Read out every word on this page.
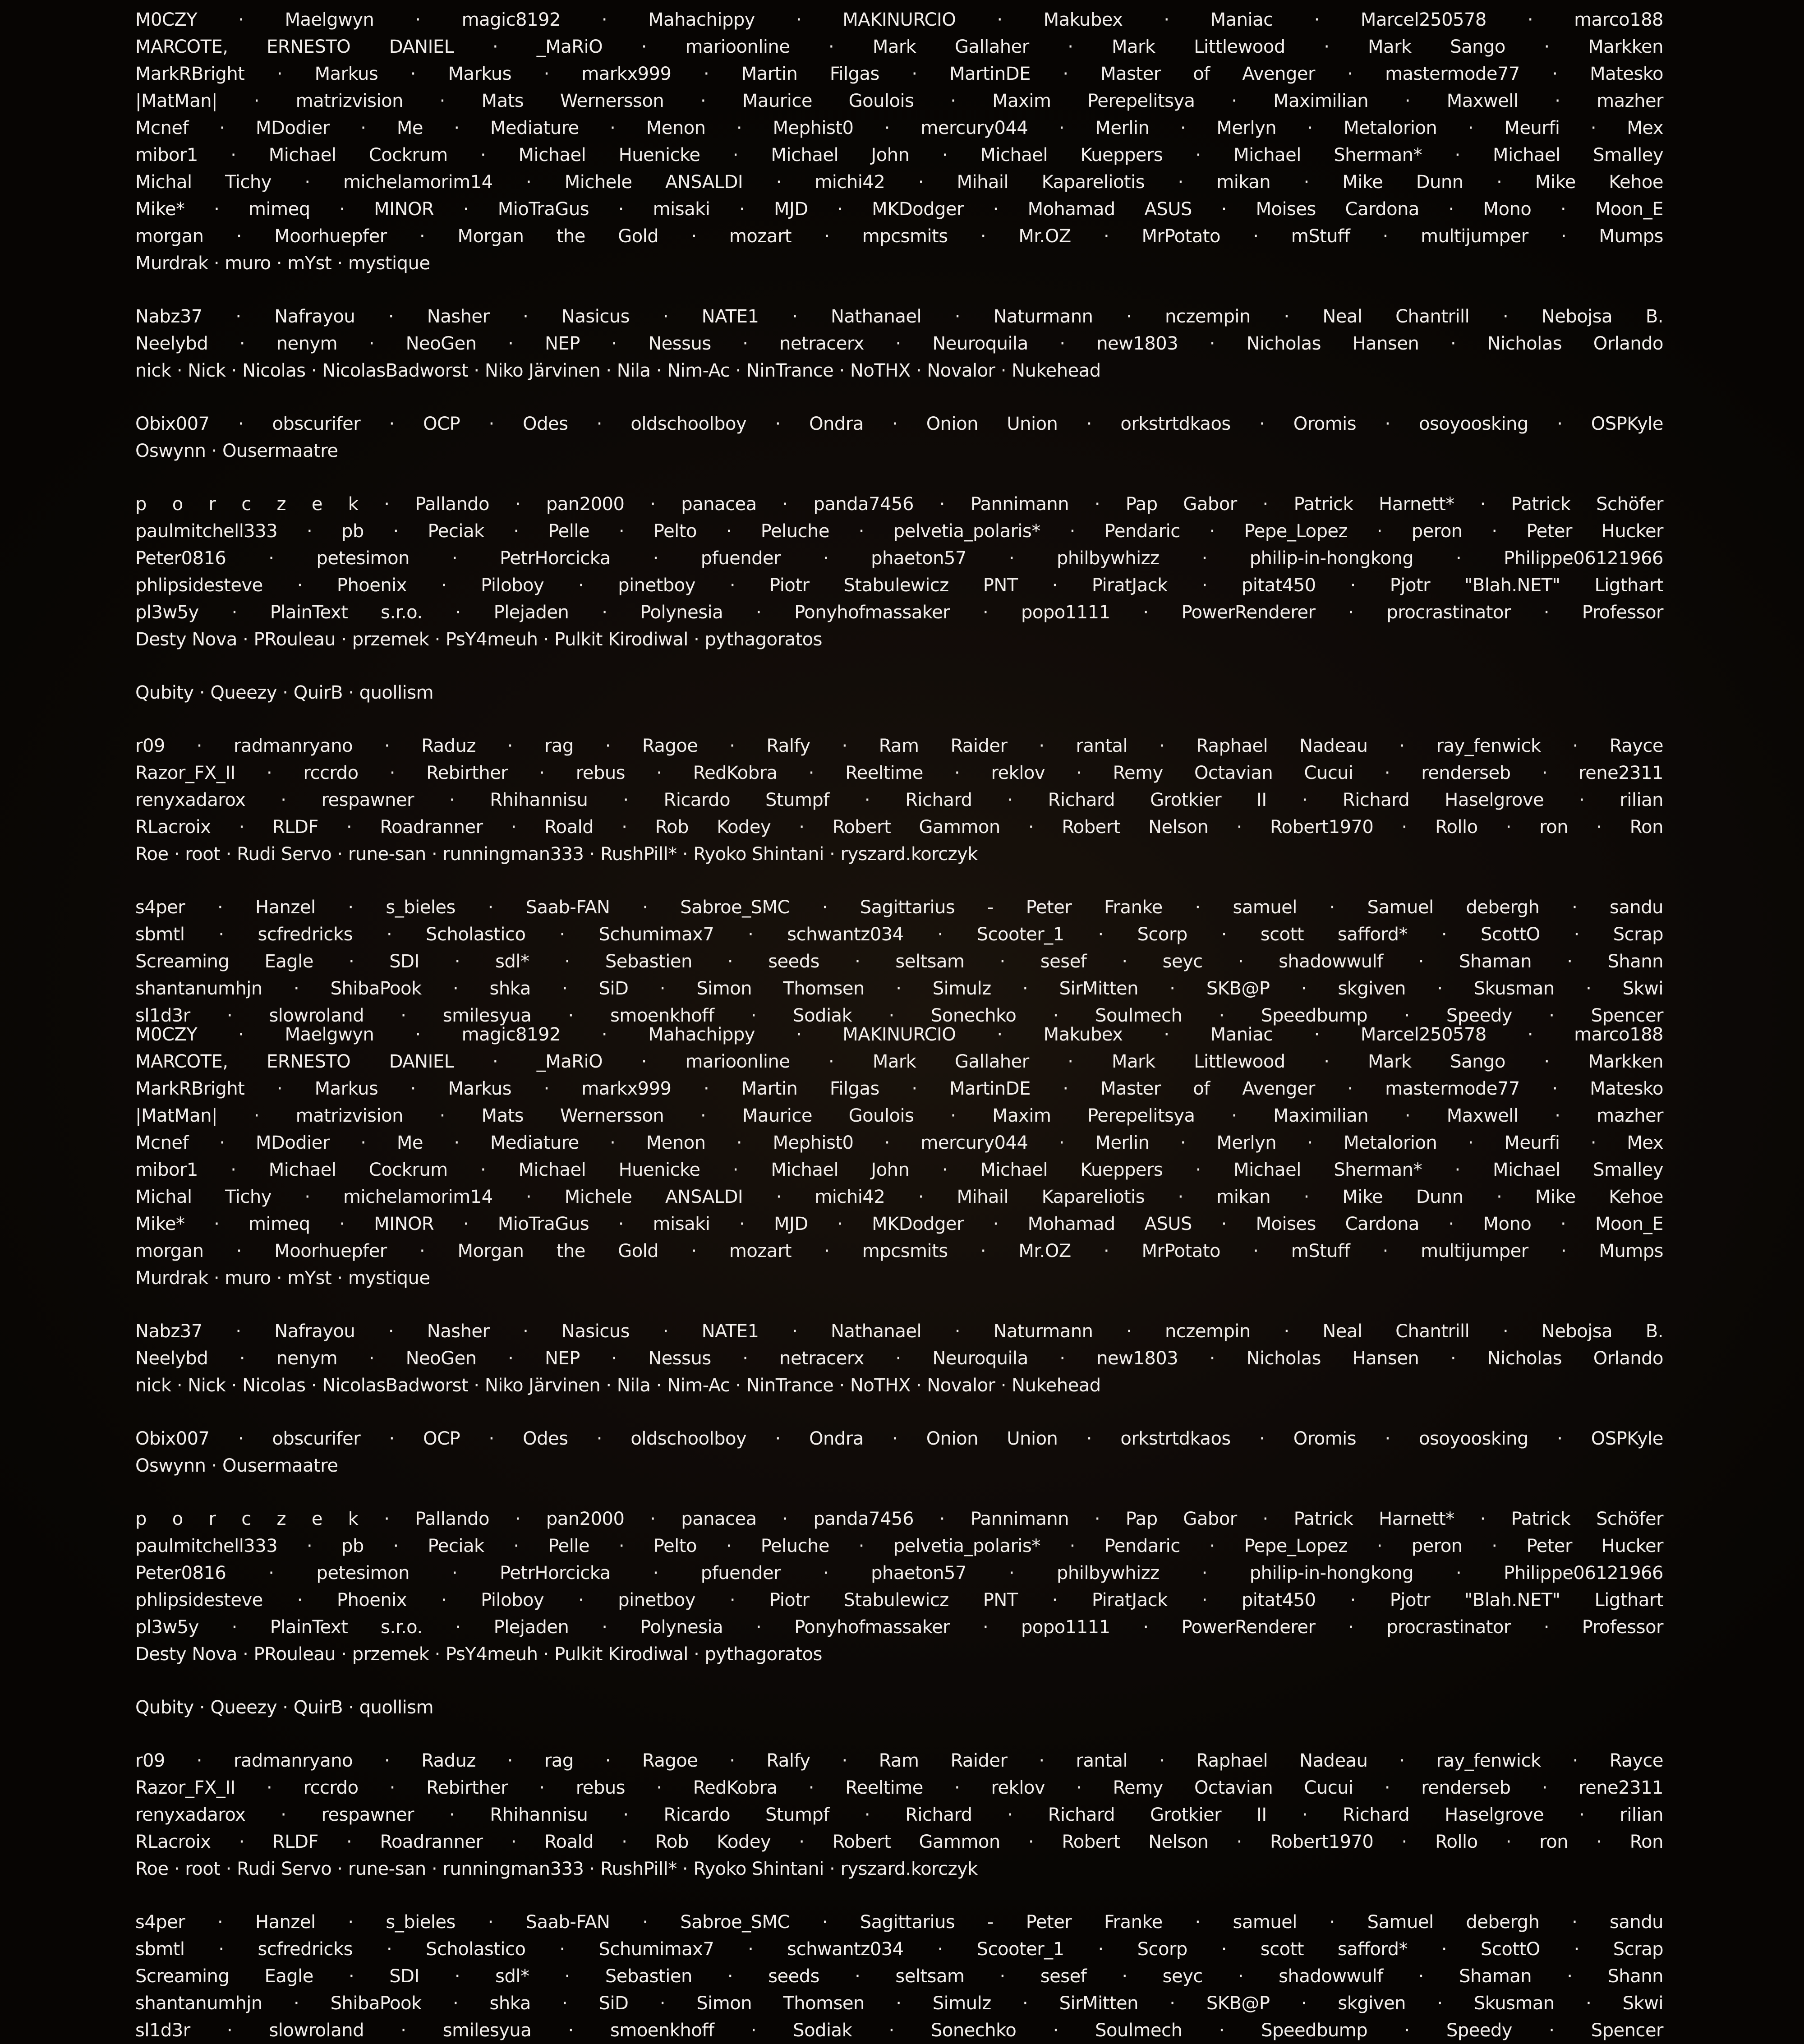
M0CZY · Maelgwyn · magic8192 · Mahachippy · MAKINURCIO · Makubex · Maniac · Marcel250578 · marco188
MARCOTE, ERNESTO DANIEL · _MaRiO · marioonline · Mark Gallaher · Mark Littlewood · Mark Sango · Markken
MarkRBright · Markus · Markus · markx999 · Martin Filgas · MartinDE · Master of Avenger · mastermode77 · Matesko
|MatMan| · matrizvision · Mats Wernersson · Maurice Goulois · Maxim Perepelitsya · Maximilian · Maxwell · mazher
Mcnef · MDodier · Me · Mediature · Menon · Mephist0 · mercury044 · Merlin · Merlyn · Metalorion · Meurfi · Mex
mibor1 · Michael Cockrum · Michael Huenicke · Michael John · Michael Kueppers · Michael Sherman* · Michael Smalley
Michal Tichy · michelamorim14 · Michele ANSALDI · michi42 · Mihail Kapareliotis · mikan · Mike Dunn · Mike Kehoe
Mike* · mimeq · MINOR · MioTraGus · misaki · MJD · MKDodger · Mohamad ASUS · Moises Cardona · Mono · Moon_E
morgan · Moorhuepfer · Morgan the Gold · mozart · mpcsmits · Mr.OZ · MrPotato · mStuff · multijumper · Mumps
Murdrak · muro · mYst · mystique
Nabz37 · Nafrayou · Nasher · Nasicus · NATE1 · Nathanael · Naturmann · nczempin · Neal Chantrill · Nebojsa B.
Neelybd · nenym · NeoGen · NEP · Nessus · netracerx · Neuroquila · new1803 · Nicholas Hansen · Nicholas Orlando
nick · Nick · Nicolas · NicolasBadworst · Niko Järvinen · Nila · Nim-Ac · NinTrance · NoTHX · Novalor · Nukehead
Obix007 · obscurifer · OCP · Odes · oldschoolboy · Ondra · Onion Union · orkstrtdkaos · Oromis · osoyoosking · OSPKyle
Oswynn · Ousermaatre
p o r c z e k · Pallando · pan2000 · panacea · panda7456 · Pannimann · Pap Gabor · Patrick Harnett* · Patrick Schöfer
paulmitchell333 · pb · Peciak · Pelle · Pelto · Peluche · pelvetia_polaris* · Pendaric · Pepe_Lopez · peron · Peter Hucker
Peter0816 · petesimon · PetrHorcicka · pfuender · phaeton57 · philbywhizz · philip-in-hongkong · Philippe06121966
phlipsidesteve · Phoenix · Piloboy · pinetboy · Piotr Stabulewicz PNT · PiratJack · pitat450 · Pjotr "Blah.NET" Ligthart
pl3w5y · PlainText s.r.o. · Plejaden · Polynesia · Ponyhofmassaker · popo1111 · PowerRenderer · procrastinator · Professor
Desty Nova · PRouleau · przemek · PsY4meuh · Pulkit Kirodiwal · pythagoratos
Qubity · Queezy · QuirB · quollism
r09 · radmanryano · Raduz · rag · Ragoe · Ralfy · Ram Raider · rantal · Raphael Nadeau · ray_fenwick · Rayce
Razor_FX_II · rccrdo · Rebirther · rebus · RedKobra · Reeltime · reklov · Remy Octavian Cucui · renderseb · rene2311
renyxadarox · respawner · Rhihannisu · Ricardo Stumpf · Richard · Richard Grotkier II · Richard Haselgrove · rilian
RLacroix · RLDF · Roadranner · Roald · Rob Kodey · Robert Gammon · Robert Nelson · Robert1970 · Rollo · ron · Ron
Roe · root · Rudi Servo · rune-san · runningman333 · RushPill* · Ryoko Shintani · ryszard.korczyk
s4per · Hanzel · s_bieles · Saab-FAN · Sabroe_SMC · Sagittarius - Peter Franke · samuel · Samuel debergh · sandu
sbmtl · scfredricks · Scholastico · Schumimax7 · schwantz034 · Scooter_1 · Scorp · scott safford* · ScottO · Scrap
Screaming Eagle · SDI · sdl* · Sebastien · seeds · seltsam · sesef · seyc · shadowwulf · Shaman · Shann
shantanumhjn · ShibaPook · shka · SiD · Simon Thomsen · Simulz · SirMitten · SKB@P · skgiven · Skusman · Skwi
sl1d3r · slowroland · smilesyua · smoenkhoff · Sodiak · Sonechko · Soulmech · Speedbump · Speedy · Spencer
M0CZY · Maelgwyn · magic8192 · Mahachippy · MAKINURCIO · Makubex · Maniac · Marcel250578 · marco188
MARCOTE, ERNESTO DANIEL · _MaRiO · marioonline · Mark Gallaher · Mark Littlewood · Mark Sango · Markken
MarkRBright · Markus · Markus · markx999 · Martin Filgas · MartinDE · Master of Avenger · mastermode77 · Matesko
|MatMan| · matrizvision · Mats Wernersson · Maurice Goulois · Maxim Perepelitsya · Maximilian · Maxwell · mazher
Mcnef · MDodier · Me · Mediature · Menon · Mephist0 · mercury044 · Merlin · Merlyn · Metalorion · Meurfi · Mex
mibor1 · Michael Cockrum · Michael Huenicke · Michael John · Michael Kueppers · Michael Sherman* · Michael Smalley
Michal Tichy · michelamorim14 · Michele ANSALDI · michi42 · Mihail Kapareliotis · mikan · Mike Dunn · Mike Kehoe
Mike* · mimeq · MINOR · MioTraGus · misaki · MJD · MKDodger · Mohamad ASUS · Moises Cardona · Mono · Moon_E
morgan · Moorhuepfer · Morgan the Gold · mozart · mpcsmits · Mr.OZ · MrPotato · mStuff · multijumper · Mumps
Murdrak · muro · mYst · mystique
Nabz37 · Nafrayou · Nasher · Nasicus · NATE1 · Nathanael · Naturmann · nczempin · Neal Chantrill · Nebojsa B.
Neelybd · nenym · NeoGen · NEP · Nessus · netracerx · Neuroquila · new1803 · Nicholas Hansen · Nicholas Orlando
nick · Nick · Nicolas · NicolasBadworst · Niko Järvinen · Nila · Nim-Ac · NinTrance · NoTHX · Novalor · Nukehead
Obix007 · obscurifer · OCP · Odes · oldschoolboy · Ondra · Onion Union · orkstrtdkaos · Oromis · osoyoosking · OSPKyle
Oswynn · Ousermaatre
p o r c z e k · Pallando · pan2000 · panacea · panda7456 · Pannimann · Pap Gabor · Patrick Harnett* · Patrick Schöfer
paulmitchell333 · pb · Peciak · Pelle · Pelto · Peluche · pelvetia_polaris* · Pendaric · Pepe_Lopez · peron · Peter Hucker
Peter0816 · petesimon · PetrHorcicka · pfuender · phaeton57 · philbywhizz · philip-in-hongkong · Philippe06121966
phlipsidesteve · Phoenix · Piloboy · pinetboy · Piotr Stabulewicz PNT · PiratJack · pitat450 · Pjotr "Blah.NET" Ligthart
pl3w5y · PlainText s.r.o. · Plejaden · Polynesia · Ponyhofmassaker · popo1111 · PowerRenderer · procrastinator · Professor
Desty Nova · PRouleau · przemek · PsY4meuh · Pulkit Kirodiwal · pythagoratos
Qubity · Queezy · QuirB · quollism
r09 · radmanryano · Raduz · rag · Ragoe · Ralfy · Ram Raider · rantal · Raphael Nadeau · ray_fenwick · Rayce
Razor_FX_II · rccrdo · Rebirther · rebus · RedKobra · Reeltime · reklov · Remy Octavian Cucui · renderseb · rene2311
renyxadarox · respawner · Rhihannisu · Ricardo Stumpf · Richard · Richard Grotkier II · Richard Haselgrove · rilian
RLacroix · RLDF · Roadranner · Roald · Rob Kodey · Robert Gammon · Robert Nelson · Robert1970 · Rollo · ron · Ron
Roe · root · Rudi Servo · rune-san · runningman333 · RushPill* · Ryoko Shintani · ryszard.korczyk
s4per · Hanzel · s_bieles · Saab-FAN · Sabroe_SMC · Sagittarius - Peter Franke · samuel · Samuel debergh · sandu
sbmtl · scfredricks · Scholastico · Schumimax7 · schwantz034 · Scooter_1 · Scorp · scott safford* · ScottO · Scrap
Screaming Eagle · SDI · sdl* · Sebastien · seeds · seltsam · sesef · seyc · shadowwulf · Shaman · Shann
shantanumhjn · ShibaPook · shka · SiD · Simon Thomsen · Simulz · SirMitten · SKB@P · skgiven · Skusman · Skwi
sl1d3r · slowroland · smilesyua · smoenkhoff · Sodiak · Sonechko · Soulmech · Speedbump · Speedy · Spencer
